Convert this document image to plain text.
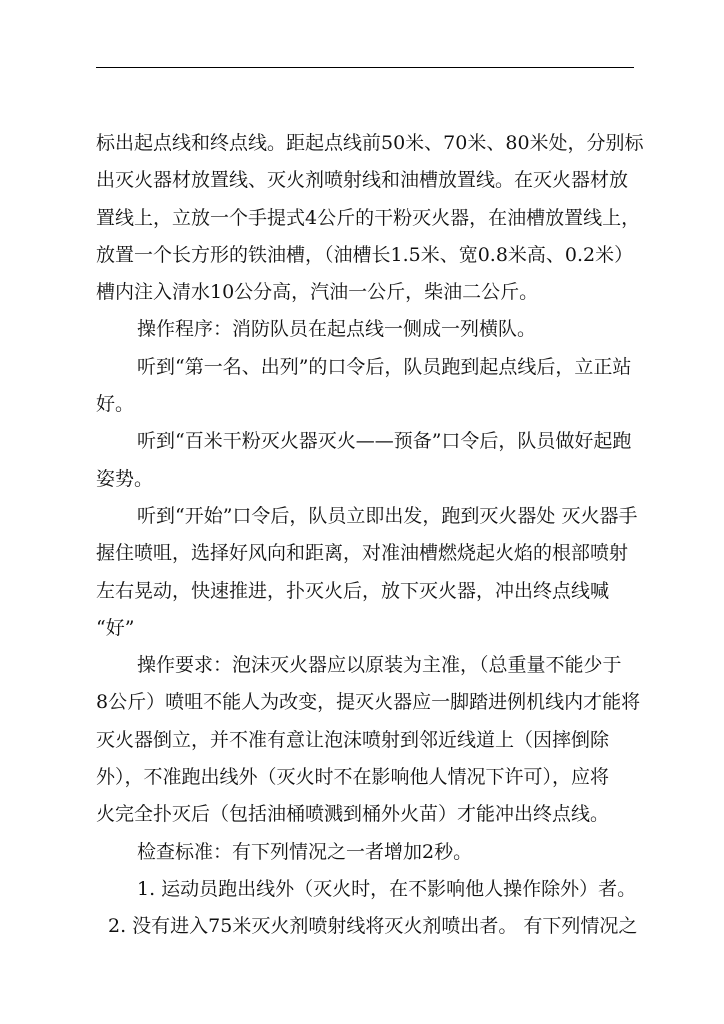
标出起点线和终点线。距起点线前50米、70米、80米处，分别标
出灭火器材放置线、灭火剂喷射线和油槽放置线。在灭火器材放
置线上，立放一个手提式4公斤的干粉灭火器，在油槽放置线上，
放置一个长方形的铁油槽，（油槽长1.5米、宽0.8米高、0.2米）
槽内注入清水10公分高，汽油一公斤，柴油二公斤。
操作程序：消防队员在起点线一侧成一列横队。
听到“第一名、出列”的口令后，队员跑到起点线后，立正站
好。
听到“百米干粉灭火器灭火——预备”口令后，队员做好起跑
姿势。
听到“开始”口令后，队员立即出发，跑到灭火器处 灭火器手
握住喷咀，选择好风向和距离，对准油槽燃烧起火焰的根部喷射
左右晃动，快速推进，扑灭火后，放下灭火器，冲出终点线喊
“好”
操作要求：泡沫灭火器应以原装为主准，（总重量不能少于
8公斤）喷咀不能人为改变，提灭火器应一脚踏进例机线内才能将
灭火器倒立，并不准有意让泡沫喷射到邻近线道上（因摔倒除
外），不准跑出线外（灭火时不在影响他人情况下许可），应将
火完全扑灭后（包括油桶喷溅到桶外火苗）才能冲出终点线。
检查标准：有下列情况之一者增加2秒。
1. 运动员跑出线外（灭火时，在不影响他人操作除外）者。
2. 没有进入75米灭火剂喷射线将灭火剂喷出者。 有下列情况之
